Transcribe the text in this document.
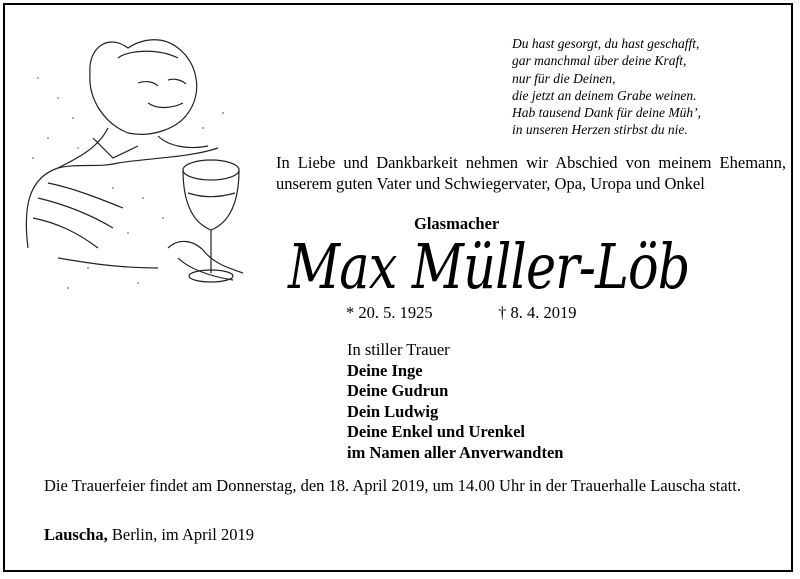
Du hast gesorgt, du hast geschafft,
gar manchmal über deine Kraft,
nur für die Deinen,
die jetzt an deinem Grabe weinen.
Hab tausend Dank für deine Müh’,
in unseren Herzen stirbst du nie.
In Liebe und Dankbarkeit nehmen wir Abschied von meinem Ehemann, unserem guten Vater und Schwiegervater, Opa, Uropa und Onkel
Glasmacher
Max Müller-Löb
* 20. 5. 1925	† 8. 4. 2019
In stiller Trauer
Deine Inge
Deine Gudrun
Dein Ludwig
Deine Enkel und Urenkel
im Namen aller Anverwandten
Die Trauerfeier findet am Donnerstag, den 18. April 2019, um 14.00 Uhr in der Trauerhalle Lauscha statt.
Lauscha, Berlin, im April 2019
